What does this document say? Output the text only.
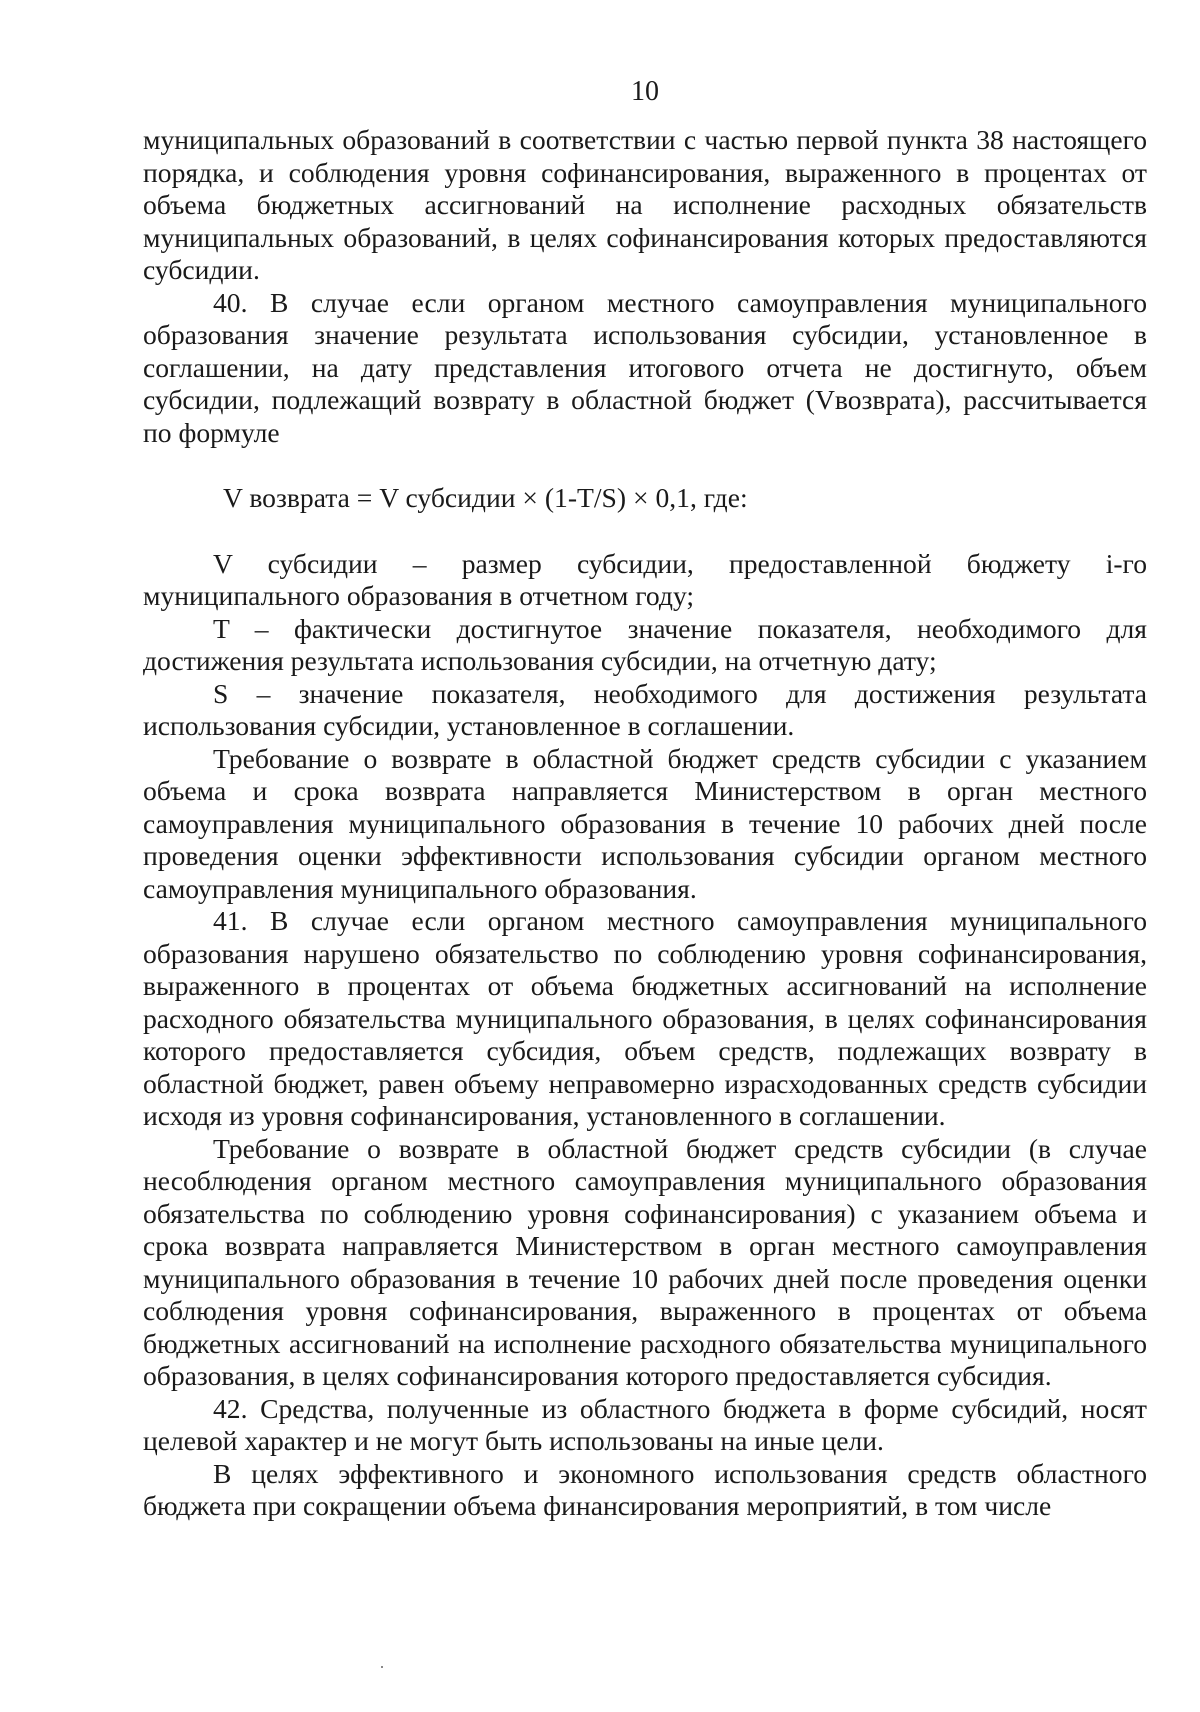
10

муниципальных образований в соответствии с частью первой пункта 38 настоящего порядка, и соблюдения уровня софинансирования, выраженного в процентах от объема бюджетных ассигнований на исполнение расходных обязательств муниципальных образований, в целях софинансирования которых предоставляются субсидии.

40. В случае если органом местного самоуправления муниципального образования значение результата использования субсидии, установленное в соглашении, на дату представления итогового отчета не достигнуто, объем субсидии, подлежащий возврату в областной бюджет (Vвозврата), рассчитывается по формуле

V возврата = V субсидии × (1-T/S) × 0,1, где:

V субсидии – размер субсидии, предоставленной бюджету i-го муниципального образования в отчетном году;

T – фактически достигнутое значение показателя, необходимого для достижения результата использования субсидии, на отчетную дату;

S – значение показателя, необходимого для достижения результата использования субсидии, установленное в соглашении.

Требование о возврате в областной бюджет средств субсидии с указанием объема и срока возврата направляется Министерством в орган местного самоуправления муниципального образования в течение 10 рабочих дней после проведения оценки эффективности использования субсидии органом местного самоуправления муниципального образования.

41. В случае если органом местного самоуправления муниципального образования нарушено обязательство по соблюдению уровня софинансирования, выраженного в процентах от объема бюджетных ассигнований на исполнение расходного обязательства муниципального образования, в целях софинансирования которого предоставляется субсидия, объем средств, подлежащих возврату в областной бюджет, равен объему неправомерно израсходованных средств субсидии исходя из уровня софинансирования, установленного в соглашении.

Требование о возврате в областной бюджет средств субсидии (в случае несоблюдения органом местного самоуправления муниципального образования обязательства по соблюдению уровня софинансирования) с указанием объема и срока возврата направляется Министерством в орган местного самоуправления муниципального образования в течение 10 рабочих дней после проведения оценки соблюдения уровня софинансирования, выраженного в процентах от объема бюджетных ассигнований на исполнение расходного обязательства муниципального образования, в целях софинансирования которого предоставляется субсидия.

42. Средства, полученные из областного бюджета в форме субсидий, носят целевой характер и не могут быть использованы на иные цели.

В целях эффективного и экономного использования средств областного бюджета при сокращении объема финансирования мероприятий, в том числе
